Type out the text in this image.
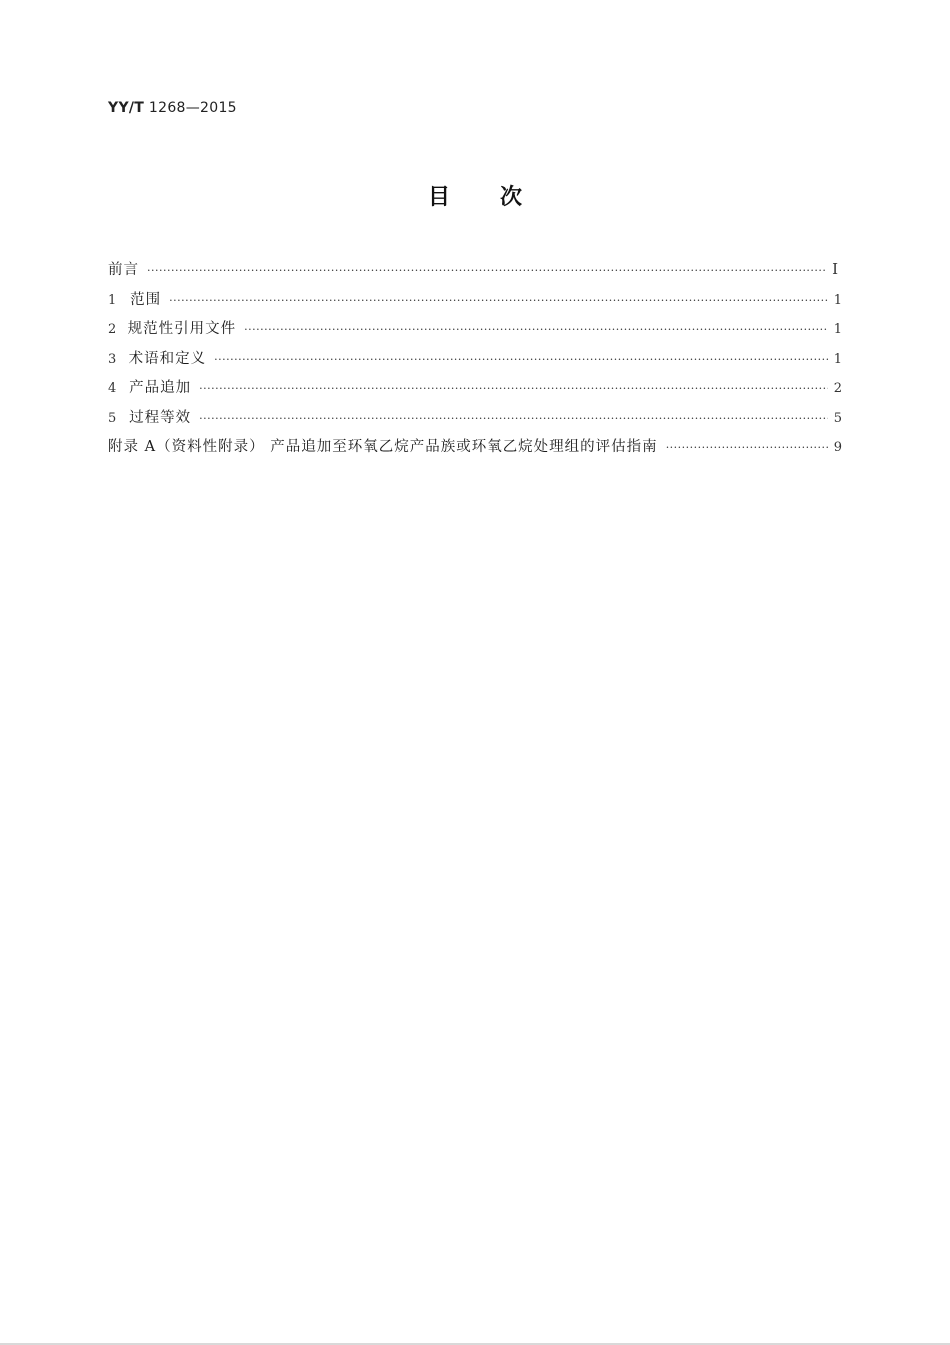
YY/T 1268—2015
目次
前言 ·····	I
1 范围 ·····	1
2 规范性引用文件 ·····	1
3 术语和定义 ·····	1
4 产品追加 ·····	2
5 过程等效 ·····	5
附录 A（资料性附录） 产品追加至环氧乙烷产品族或环氧乙烷处理组的评估指南 ·····	9
